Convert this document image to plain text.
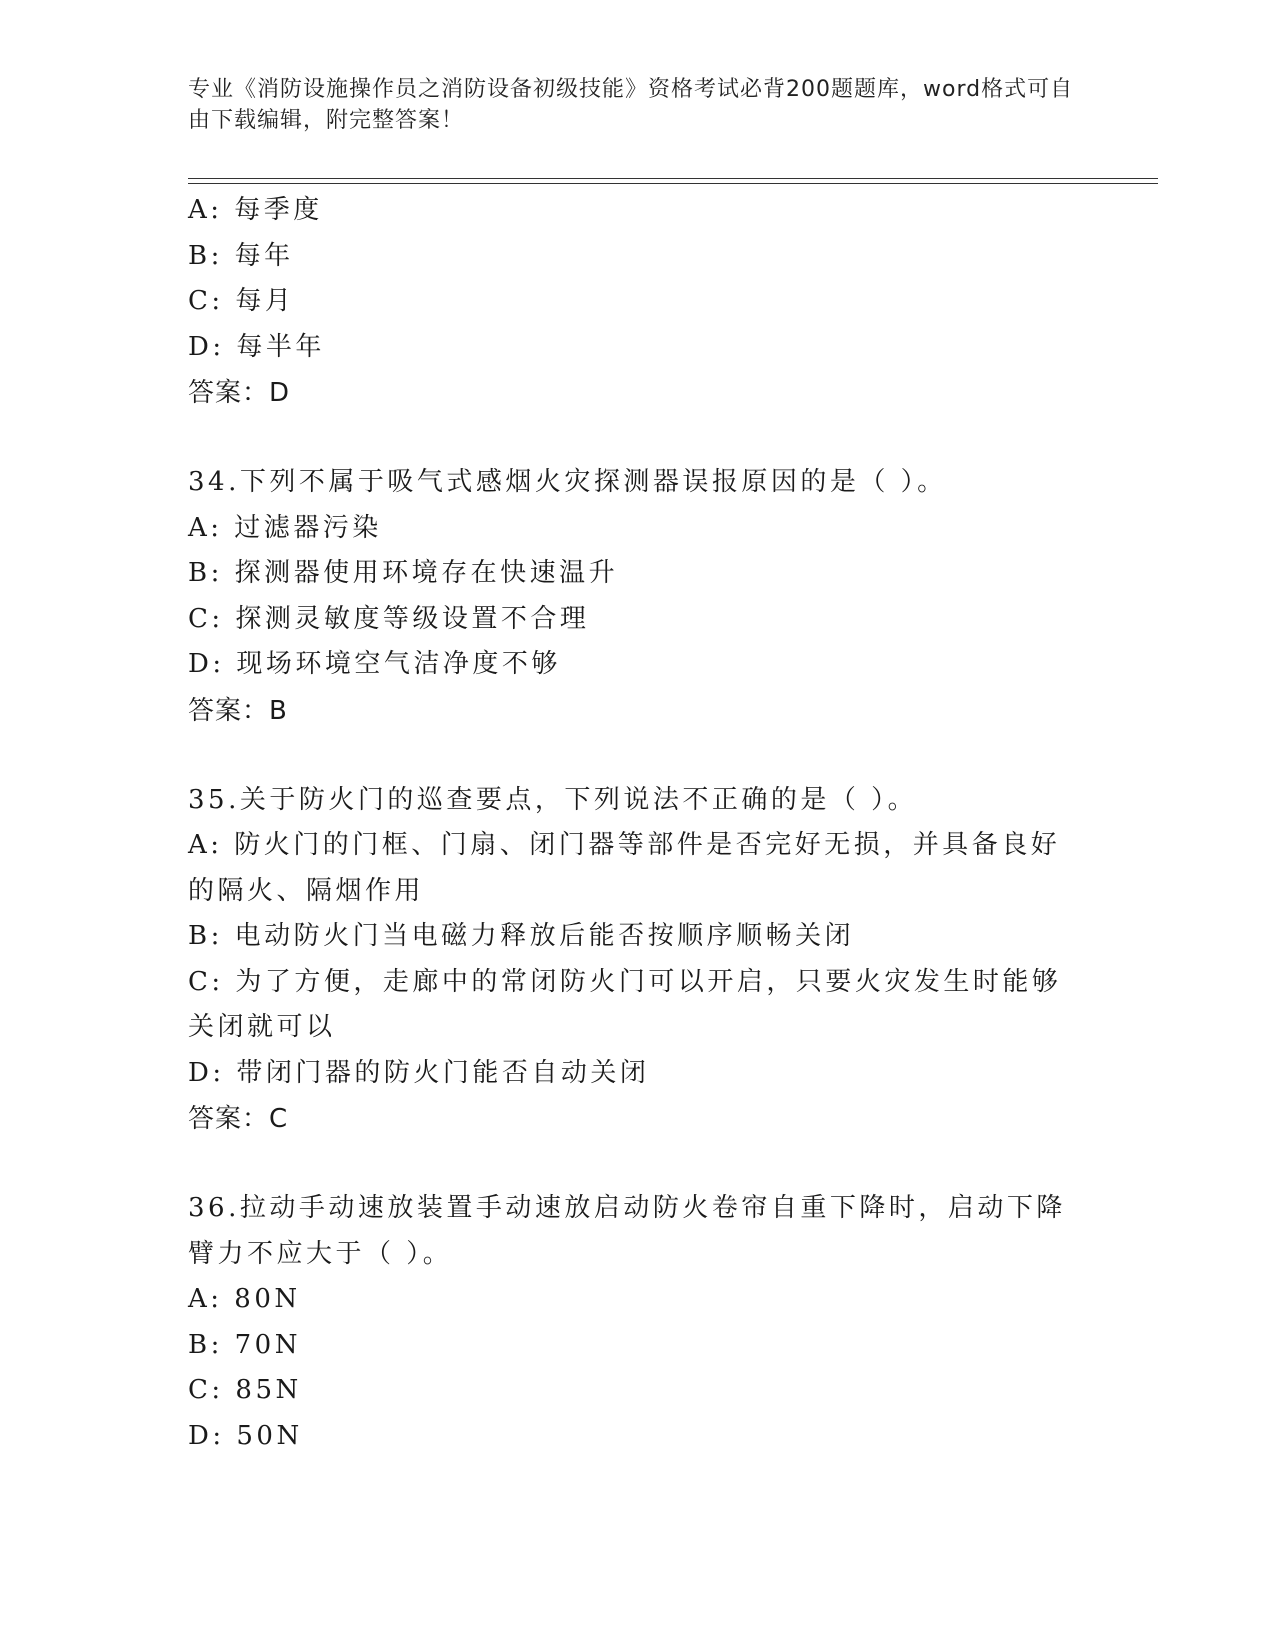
专业《消防设施操作员之消防设备初级技能》资格考试必背200题题库，word格式可自由下载编辑，附完整答案！
A: 每季度
B: 每年
C: 每月
D: 每半年
答案：D
34.下列不属于吸气式感烟火灾探测器误报原因的是（ ）。
A: 过滤器污染
B: 探测器使用环境存在快速温升
C: 探测灵敏度等级设置不合理
D: 现场环境空气洁净度不够
答案：B
35.关于防火门的巡查要点，下列说法不正确的是（ ）。
A: 防火门的门框、门扇、闭门器等部件是否完好无损，并具备良好的隔火、隔烟作用
B: 电动防火门当电磁力释放后能否按顺序顺畅关闭
C: 为了方便，走廊中的常闭防火门可以开启，只要火灾发生时能够关闭就可以
D: 带闭门器的防火门能否自动关闭
答案：C
36.拉动手动速放装置手动速放启动防火卷帘自重下降时，启动下降臂力不应大于（ ）。
A: 80N
B: 70N
C: 85N
D: 50N
